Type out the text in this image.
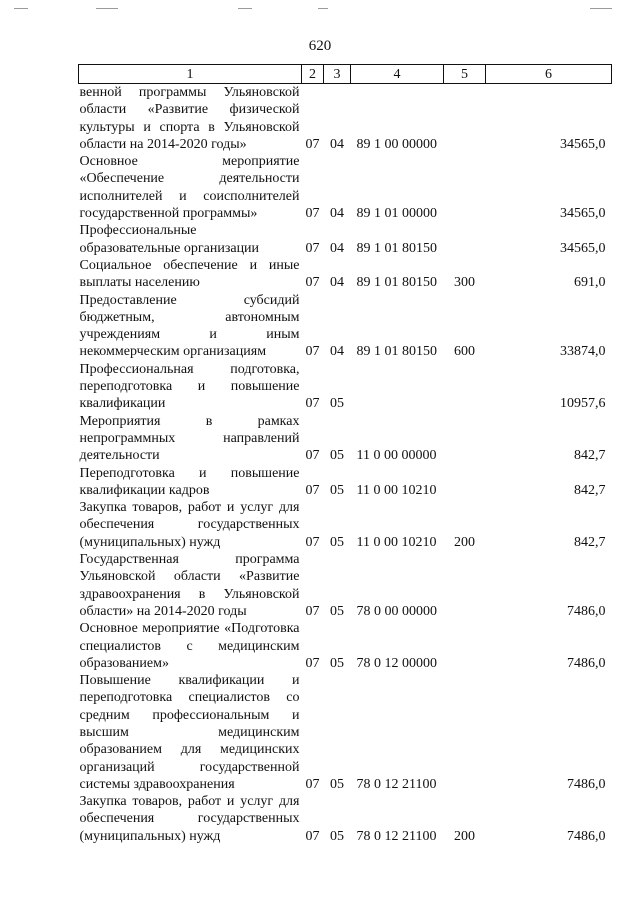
620
1	2	3	4	5	6
венной программы Ульяновской области «Развитие физической культуры и спорта в Ульяновской области на 2014-2020 годы»	07	04	89 1 00 00000		34565,0
Основное мероприятие «Обеспечение деятельности исполнителей и соисполнителей государственной программы»	07	04	89 1 01 00000		34565,0
Профессиональные образовательные организации	07	04	89 1 01 80150		34565,0
Социальное обеспечение и иные выплаты населению	07	04	89 1 01 80150	300	691,0
Предоставление субсидий бюджетным, автономным учреждениям и иным некоммерческим организациям	07	04	89 1 01 80150	600	33874,0
Профессиональная подготовка, переподготовка и повышение квалификации	07	05			10957,6
Мероприятия в рамках непрограммных направлений деятельности	07	05	11 0 00 00000		842,7
Переподготовка и повышение квалификации кадров	07	05	11 0 00 10210		842,7
Закупка товаров, работ и услуг для обеспечения государственных (муниципальных) нужд	07	05	11 0 00 10210	200	842,7
Государственная программа Ульяновской области «Развитие здравоохранения в Ульяновской области» на 2014-2020 годы	07	05	78 0 00 00000		7486,0
Основное мероприятие «Подготовка специалистов с медицинским образованием»	07	05	78 0 12 00000		7486,0
Повышение квалификации и переподготовка специалистов со средним профессиональным и высшим медицинским образованием для медицинских организаций государственной системы здравоохранения	07	05	78 0 12 21100		7486,0
Закупка товаров, работ и услуг для обеспечения государственных (муниципальных) нужд	07	05	78 0 12 21100	200	7486,0
